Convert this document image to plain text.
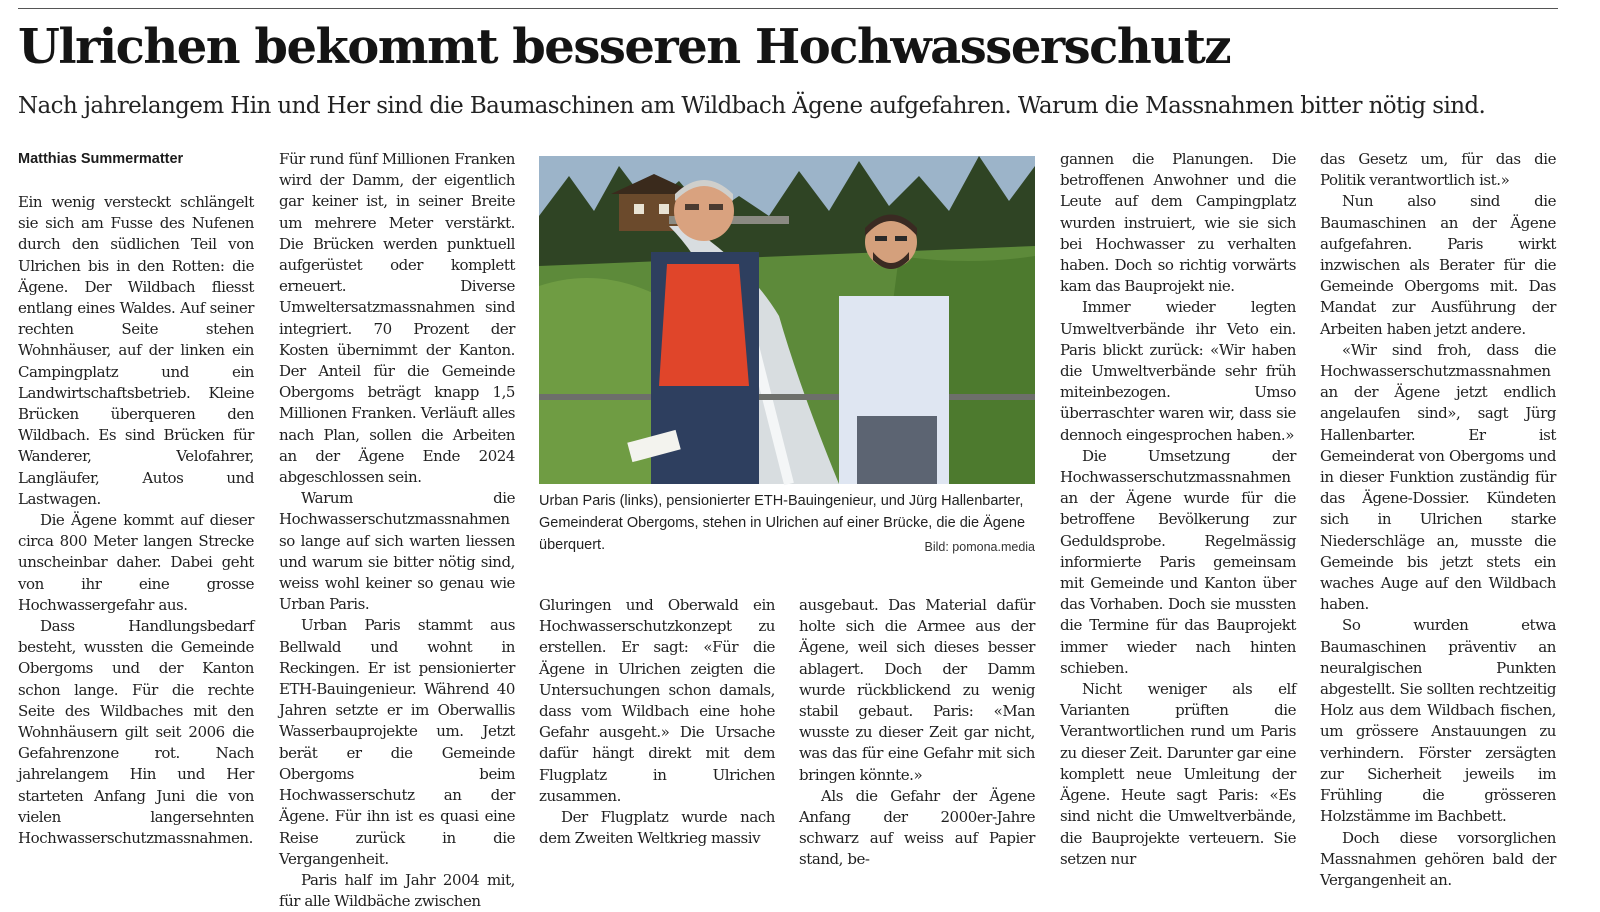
Ulrichen bekommt besseren Hochwasserschutz

Nach jahrelangem Hin und Her sind die Baumaschinen am Wildbach Ägene aufgefahren. Warum die Massnahmen bitter nötig sind.

Matthias Summermatter

Ein wenig versteckt schlängelt sie sich am Fusse des Nufenen durch den südlichen Teil von Ulrichen bis in den Rotten: die Ägene. Der Wildbach fliesst entlang eines Waldes. Auf seiner rechten Seite stehen Wohnhäuser, auf der linken ein Campingplatz und ein Landwirtschaftsbetrieb. Kleine Brücken überqueren den Wildbach. Es sind Brücken für Wanderer, Velofahrer, Langläufer, Autos und Lastwagen.

Die Ägene kommt auf dieser circa 800 Meter langen Strecke unscheinbar daher. Dabei geht von ihr eine grosse Hochwassergefahr aus.

Dass Handlungsbedarf besteht, wussten die Gemeinde Obergoms und der Kanton schon lange. Für die rechte Seite des Wildbaches mit den Wohnhäusern gilt seit 2006 die Gefahrenzone rot. Nach jahrelangem Hin und Her starteten Anfang Juni die von vielen langersehnten Hochwasserschutzmassnahmen.

Für rund fünf Millionen Franken wird der Damm, der eigentlich gar keiner ist, in seiner Breite um mehrere Meter verstärkt. Die Brücken werden punktuell aufgerüstet oder komplett erneuert. Diverse Umweltersatzmassnahmen sind integriert. 70 Prozent der Kosten übernimmt der Kanton. Der Anteil für die Gemeinde Obergoms beträgt knapp 1,5 Millionen Franken. Verläuft alles nach Plan, sollen die Arbeiten an der Ägene Ende 2024 abgeschlossen sein.

Warum die Hochwasserschutzmassnahmen so lange auf sich warten liessen und warum sie bitter nötig sind, weiss wohl keiner so genau wie Urban Paris.

Urban Paris stammt aus Bellwald und wohnt in Reckingen. Er ist pensionierter ETH-Bauingenieur. Während 40 Jahren setzte er im Oberwallis Wasserbauprojekte um. Jetzt berät er die Gemeinde Obergoms beim Hochwasserschutz an der Ägene. Für ihn ist es quasi eine Reise zurück in die Vergangenheit.

Paris half im Jahr 2004 mit, für alle Wildbäche zwischen

Urban Paris (links), pensionierter ETH-Bauingenieur, und Jürg Hallenbarter, Gemeinderat Obergoms, stehen in Ulrichen auf einer Brücke, die die Ägene überquert.	Bild: pomona.media

Gluringen und Oberwald ein Hochwasserschutzkonzept zu erstellen. Er sagt: «Für die Ägene in Ulrichen zeigten die Untersuchungen schon damals, dass vom Wildbach eine hohe Gefahr ausgeht.» Die Ursache dafür hängt direkt mit dem Flugplatz in Ulrichen zusammen.

Der Flugplatz wurde nach dem Zweiten Weltkrieg massiv

ausgebaut. Das Material dafür holte sich die Armee aus der Ägene, weil sich dieses besser ablagert. Doch der Damm wurde rückblickend zu wenig stabil gebaut. Paris: «Man wusste zu dieser Zeit gar nicht, was das für eine Gefahr mit sich bringen könnte.»

Als die Gefahr der Ägene Anfang der 2000er-Jahre schwarz auf weiss auf Papier stand, be-

gannen die Planungen. Die betroffenen Anwohner und die Leute auf dem Campingplatz wurden instruiert, wie sie sich bei Hochwasser zu verhalten haben. Doch so richtig vorwärts kam das Bauprojekt nie.

Immer wieder legten Umweltverbände ihr Veto ein. Paris blickt zurück: «Wir haben die Umweltverbände sehr früh miteinbezogen. Umso überraschter waren wir, dass sie dennoch eingesprochen haben.»

Die Umsetzung der Hochwasserschutzmassnahmen an der Ägene wurde für die betroffene Bevölkerung zur Geduldsprobe. Regelmässig informierte Paris gemeinsam mit Gemeinde und Kanton über das Vorhaben. Doch sie mussten die Termine für das Bauprojekt immer wieder nach hinten schieben.

Nicht weniger als elf Varianten prüften die Verantwortlichen rund um Paris zu dieser Zeit. Darunter gar eine komplett neue Umleitung der Ägene. Heute sagt Paris: «Es sind nicht die Umweltverbände, die Bauprojekte verteuern. Sie setzen nur

das Gesetz um, für das die Politik verantwortlich ist.»

Nun also sind die Baumaschinen an der Ägene aufgefahren. Paris wirkt inzwischen als Berater für die Gemeinde Obergoms mit. Das Mandat zur Ausführung der Arbeiten haben jetzt andere.

«Wir sind froh, dass die Hochwasserschutzmassnahmen an der Ägene jetzt endlich angelaufen sind», sagt Jürg Hallenbarter. Er ist Gemeinderat von Obergoms und in dieser Funktion zuständig für das Ägene-Dossier. Kündeten sich in Ulrichen starke Niederschläge an, musste die Gemeinde bis jetzt stets ein waches Auge auf den Wildbach haben.

So wurden etwa Baumaschinen präventiv an neuralgischen Punkten abgestellt. Sie sollten rechtzeitig Holz aus dem Wildbach fischen, um grössere Anstauungen zu verhindern. Förster zersägten zur Sicherheit jeweils im Frühling die grösseren Holzstämme im Bachbett.

Doch diese vorsorglichen Massnahmen gehören bald der Vergangenheit an.
